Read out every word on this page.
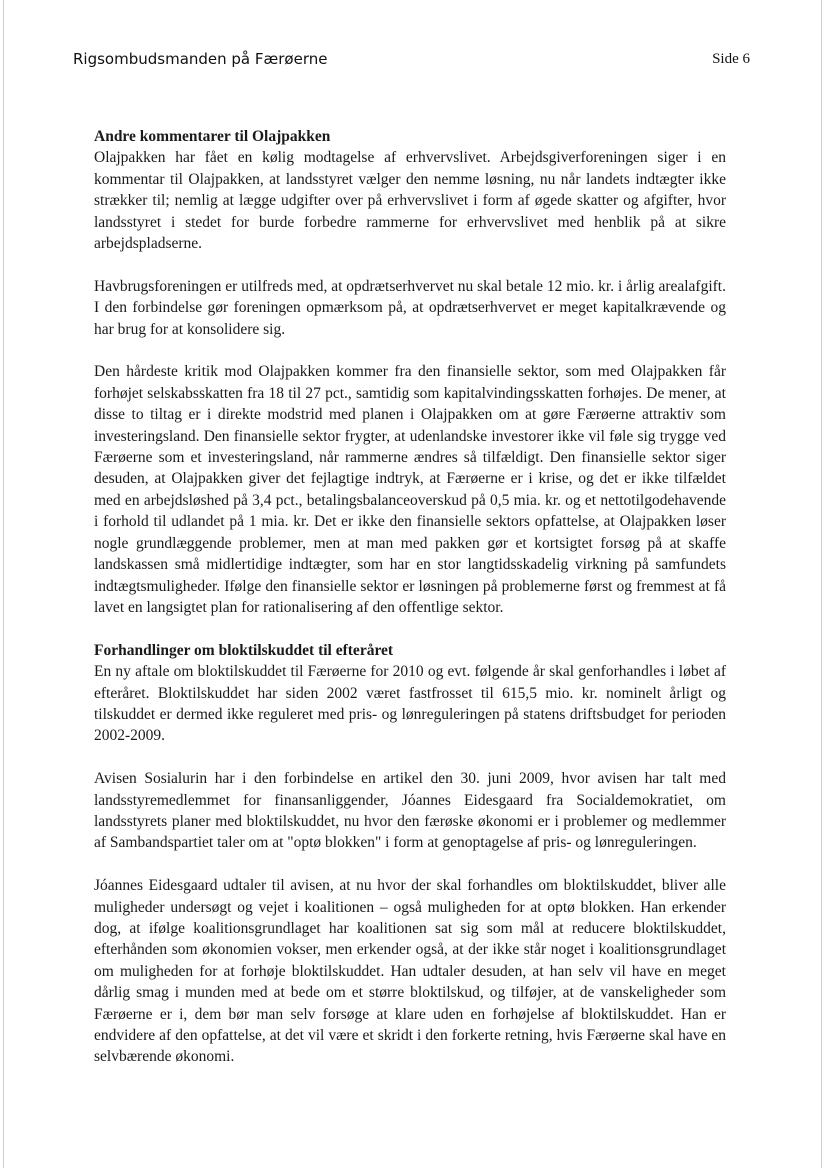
Rigsombudsmanden på Færøerne	Side 6
Andre kommentarer til Olajpakken

Olajpakken har fået en kølig modtagelse af erhvervslivet. Arbejdsgiverforeningen siger i en kommentar til Olajpakken, at landsstyret vælger den nemme løsning, nu når landets indtægter ikke strækker til; nemlig at lægge udgifter over på erhvervslivet i form af øgede skatter og afgifter, hvor landsstyret i stedet for burde forbedre rammerne for erhvervslivet med henblik på at sikre arbejdspladserne.

Havbrugsforeningen er utilfreds med, at opdrætserhvervet nu skal betale 12 mio. kr. i årlig arealafgift. I den forbindelse gør foreningen opmærksom på, at opdrætserhvervet er meget kapitalkrævende og har brug for at konsolidere sig.

Den hårdeste kritik mod Olajpakken kommer fra den finansielle sektor, som med Olajpakken får forhøjet selskabsskatten fra 18 til 27 pct., samtidig som kapitalvindingsskatten forhøjes. De mener, at disse to tiltag er i direkte modstrid med planen i Olajpakken om at gøre Færøerne attraktiv som investeringsland. Den finansielle sektor frygter, at udenlandske investorer ikke vil føle sig trygge ved Færøerne som et investeringsland, når rammerne ændres så tilfældigt. Den finansielle sektor siger desuden, at Olajpakken giver det fejlagtige indtryk, at Færøerne er i krise, og det er ikke tilfældet med en arbejdsløshed på 3,4 pct., betalingsbalanceoverskud på 0,5 mia. kr. og et nettotilgodehavende i forhold til udlandet på 1 mia. kr. Det er ikke den finansielle sektors opfattelse, at Olajpakken løser nogle grundlæggende problemer, men at man med pakken gør et kortsigtet forsøg på at skaffe landskassen små midlertidige indtægter, som har en stor langtidsskadelig virkning på samfundets indtægtsmuligheder. Ifølge den finansielle sektor er løsningen på problemerne først og fremmest at få lavet en langsigtet plan for rationalisering af den offentlige sektor.

Forhandlinger om bloktilskuddet til efteråret

En ny aftale om bloktilskuddet til Færøerne for 2010 og evt. følgende år skal genforhandles i løbet af efteråret. Bloktilskuddet har siden 2002 været fastfrosset til 615,5 mio. kr. nominelt årligt og tilskuddet er dermed ikke reguleret med pris- og lønreguleringen på statens driftsbudget for perioden 2002-2009.

Avisen Sosialurin har i den forbindelse en artikel den 30. juni 2009, hvor avisen har talt med landsstyremedlemmet for finansanliggender, Jóannes Eidesgaard fra Socialdemokratiet, om landsstyrets planer med bloktilskuddet, nu hvor den færøske økonomi er i problemer og medlemmer af Sambandspartiet taler om at "optø blokken" i form at genoptagelse af pris- og lønreguleringen.

Jóannes Eidesgaard udtaler til avisen, at nu hvor der skal forhandles om bloktilskuddet, bliver alle muligheder undersøgt og vejet i koalitionen – også muligheden for at optø blokken. Han erkender dog, at ifølge koalitionsgrundlaget har koalitionen sat sig som mål at reducere bloktilskuddet, efterhånden som økonomien vokser, men erkender også, at der ikke står noget i koalitionsgrundlaget om muligheden for at forhøje bloktilskuddet. Han udtaler desuden, at han selv vil have en meget dårlig smag i munden med at bede om et større bloktilskud, og tilføjer, at de vanskeligheder som Færøerne er i, dem bør man selv forsøge at klare uden en forhøjelse af bloktilskuddet. Han er endvidere af den opfattelse, at det vil være et skridt i den forkerte retning, hvis Færøerne skal have en selvbærende økonomi.
